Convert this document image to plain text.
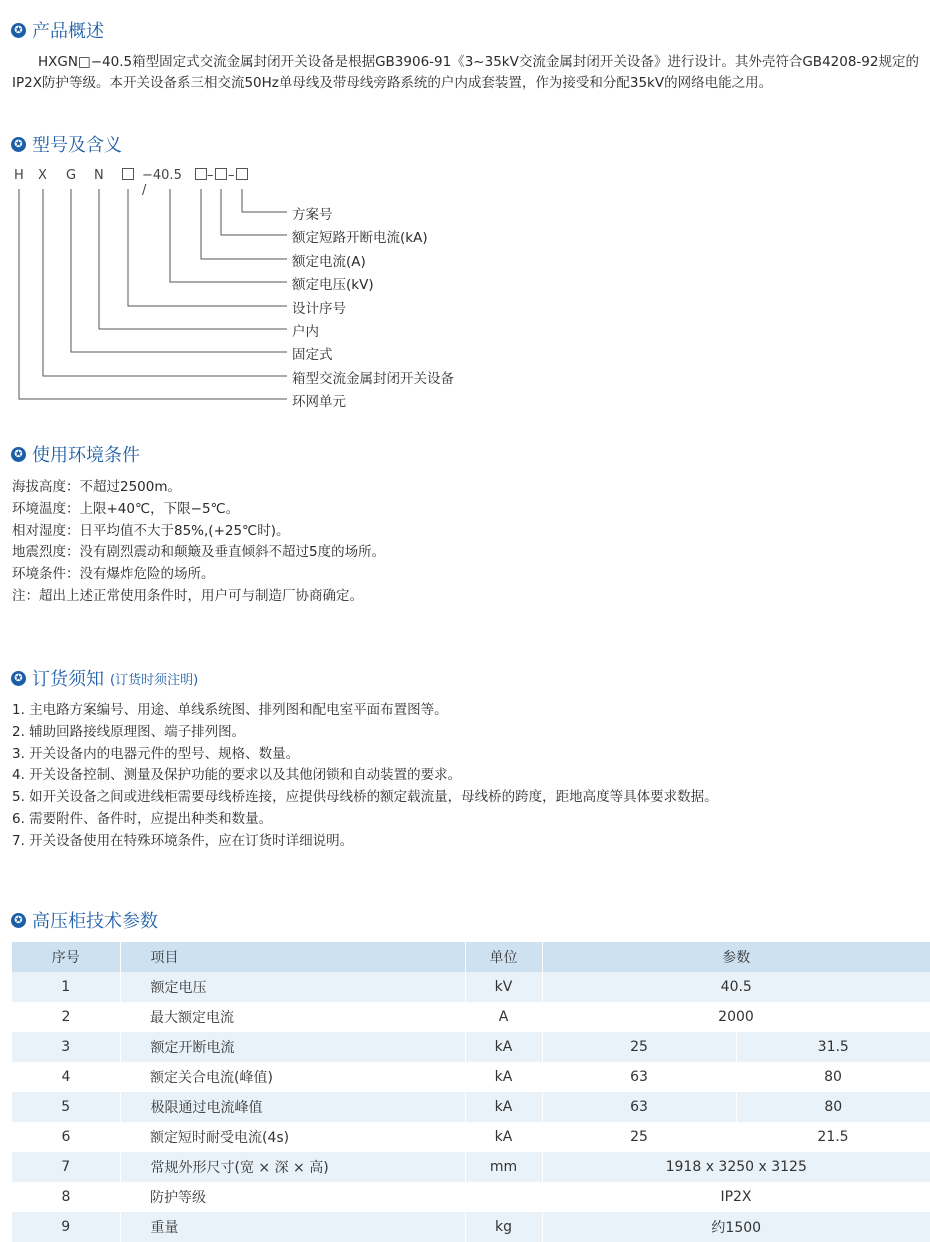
✪ 产品概述
HXGN□−40.5箱型固定式交流金属封闭开关设备是根据GB3906-91《3~35kV交流金属封闭开关设备》进行设计。其外壳符合GB4208-92规定的IP2X防护等级。本开关设备系三相交流50Hz单母线及带母线旁路系统的户内成套装置，作为接受和分配35kV的网络电能之用。
✪ 型号及含义
H X G N	−40.5 /
– –
方案号
额定短路开断电流(kA)
额定电流(A)
额定电压(kV)
设计序号
户内
固定式
箱型交流金属封闭开关设备
环网单元
✪ 使用环境条件
海拔高度：不超过2500m。
环境温度：上限+40℃，下限−5℃。
相对湿度：日平均值不大于85%,(+25℃时)。
地震烈度：没有剧烈震动和颠簸及垂直倾斜不超过5度的场所。
环境条件：没有爆炸危险的场所。
注：超出上述正常使用条件时，用户可与制造厂协商确定。
✪ 订货须知 (订货时须注明)
1. 主电路方案编号、用途、单线系统图、排列图和配电室平面布置图等。
2. 辅助回路接线原理图、端子排列图。
3. 开关设备内的电器元件的型号、规格、数量。
4. 开关设备控制、测量及保护功能的要求以及其他闭锁和自动装置的要求。
5. 如开关设备之间或进线柜需要母线桥连接，应提供母线桥的额定载流量，母线桥的跨度，距地高度等具体要求数据。
6. 需要附件、备件时，应提出种类和数量。
7. 开关设备使用在特殊环境条件，应在订货时详细说明。
✪ 高压柜技术参数
序号	项目	单位	参数	
1	额定电压	kV	40.5	
2	最大额定电流	A	2000	
3	额定开断电流	kA	25	31.5
4	额定关合电流(峰值)	kA	63	80
5	极限通过电流峰值	kA	63	80
6	额定短时耐受电流(4s)	kA	25	21.5
7	常规外形尺寸(宽 × 深 × 高)	mm	1918 x 3250 x 3125	
8	防护等级		IP2X	
9	重量	kg	约1500	
